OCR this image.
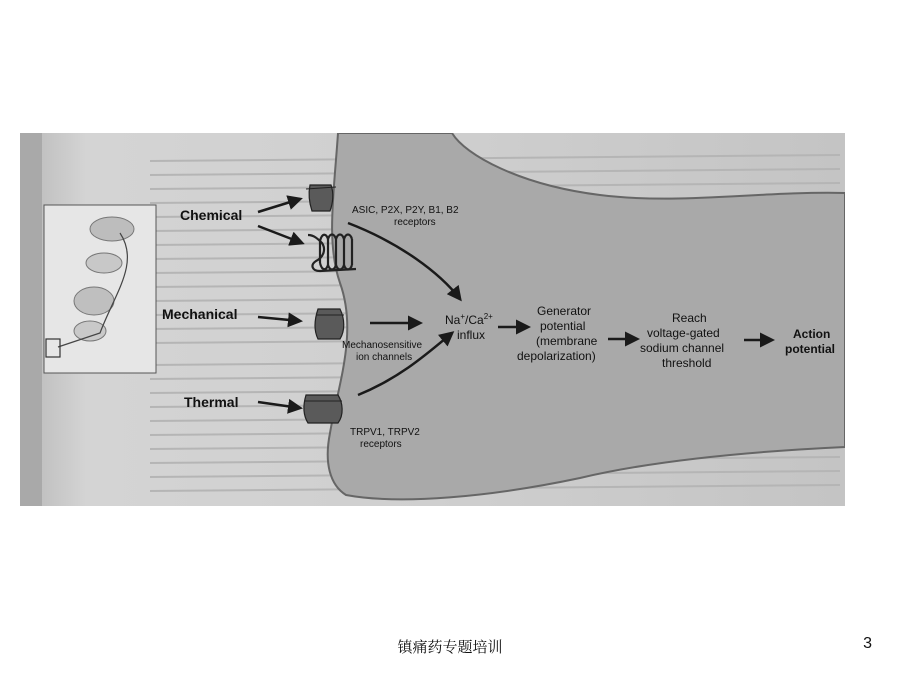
Chemical
Mechanical
Thermal
ASIC, P2X, P2Y, B1, B2
receptors
Mechanosensitive
ion channels
TRPV1, TRPV2
receptors
$Na^+/Ca^{2+}$
influx
Generator
potential
(membrane
depolarization)
Reach
voltage-gated
sodium channel
threshold
Action
potential
镇痛药专题培训	3
